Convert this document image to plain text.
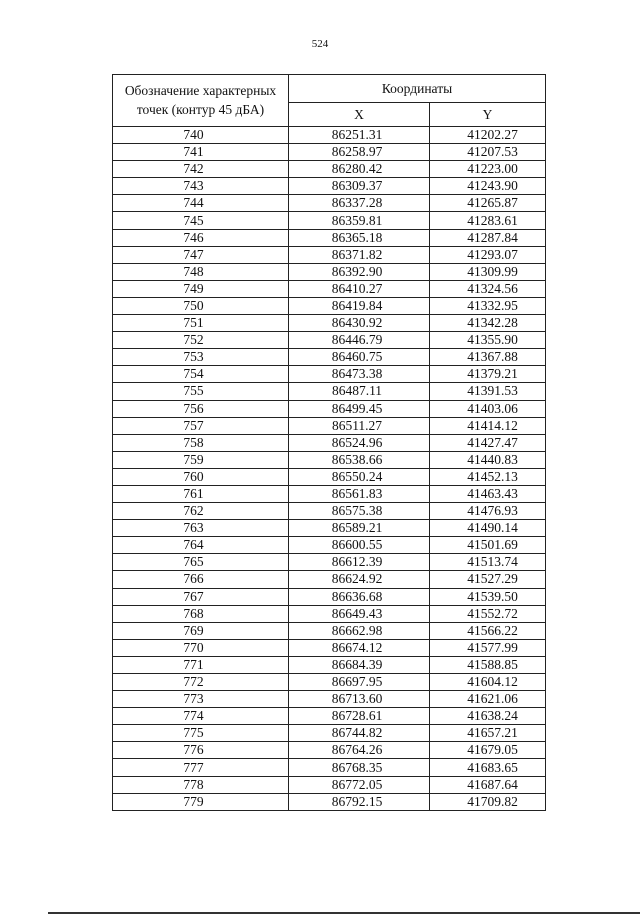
524
Обозначение характерных точек (контур 45 дБА)	Координаты	
	X	Y
740	86251.31	41202.27
741	86258.97	41207.53
742	86280.42	41223.00
743	86309.37	41243.90
744	86337.28	41265.87
745	86359.81	41283.61
746	86365.18	41287.84
747	86371.82	41293.07
748	86392.90	41309.99
749	86410.27	41324.56
750	86419.84	41332.95
751	86430.92	41342.28
752	86446.79	41355.90
753	86460.75	41367.88
754	86473.38	41379.21
755	86487.11	41391.53
756	86499.45	41403.06
757	86511.27	41414.12
758	86524.96	41427.47
759	86538.66	41440.83
760	86550.24	41452.13
761	86561.83	41463.43
762	86575.38	41476.93
763	86589.21	41490.14
764	86600.55	41501.69
765	86612.39	41513.74
766	86624.92	41527.29
767	86636.68	41539.50
768	86649.43	41552.72
769	86662.98	41566.22
770	86674.12	41577.99
771	86684.39	41588.85
772	86697.95	41604.12
773	86713.60	41621.06
774	86728.61	41638.24
775	86744.82	41657.21
776	86764.26	41679.05
777	86768.35	41683.65
778	86772.05	41687.64
779	86792.15	41709.82
